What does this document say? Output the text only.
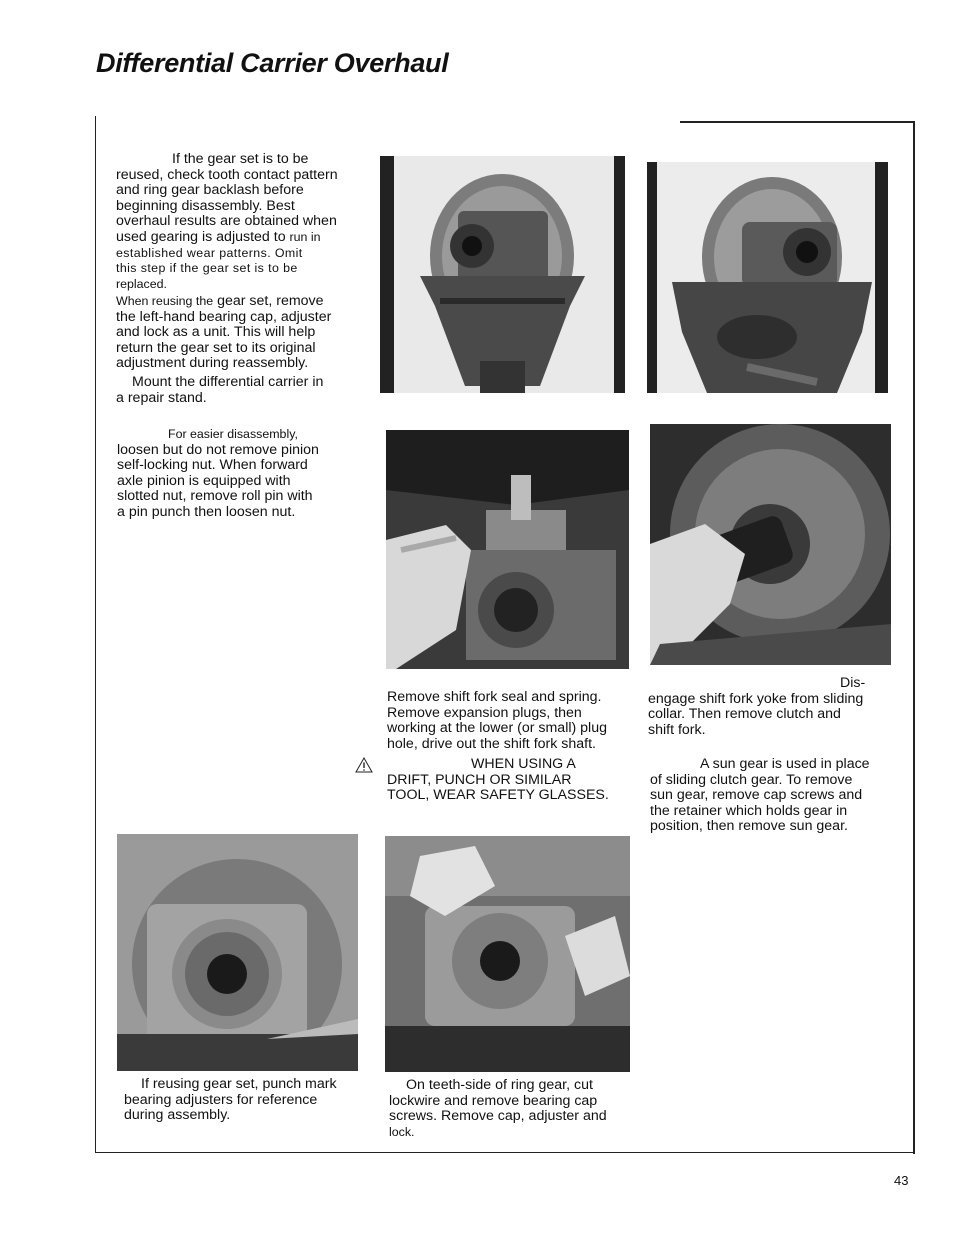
Differential Carrier Overhaul

If the gear set is to be

reused, check tooth contact pattern

and ring gear backlash before

beginning disassembly. Best

overhaul results are obtained when

used gearing is adjusted to run in

established wear patterns. Omit

this step if the gear set is to be

replaced.

When reusing the gear set, remove

the left-hand bearing cap, adjuster

and lock as a unit. This will help

return the gear set to its original

adjustment during reassembly.

Mount the differential carrier in

a repair stand.

For easier disassembly,

loosen but do not remove pinion

self-locking nut. When forward

axle pinion is equipped with

slotted nut, remove roll pin with

a pin punch then loosen nut.

Remove shift fork seal and spring.

Remove expansion plugs, then

working at the lower (or small) plug

hole, drive out the shift fork shaft.

WHEN USING A

DRIFT, PUNCH OR SIMILAR

TOOL, WEAR SAFETY GLASSES.

Dis-

engage shift fork yoke from sliding

collar. Then remove clutch and

shift fork.

A sun gear is used in place

of sliding clutch gear. To remove

sun gear, remove cap screws and

the retainer which holds gear in

position, then remove sun gear.

If reusing gear set, punch mark

bearing adjusters for reference

during assembly.

On teeth-side of ring gear, cut

lockwire and remove bearing cap

screws. Remove cap, adjuster and

lock.

43
